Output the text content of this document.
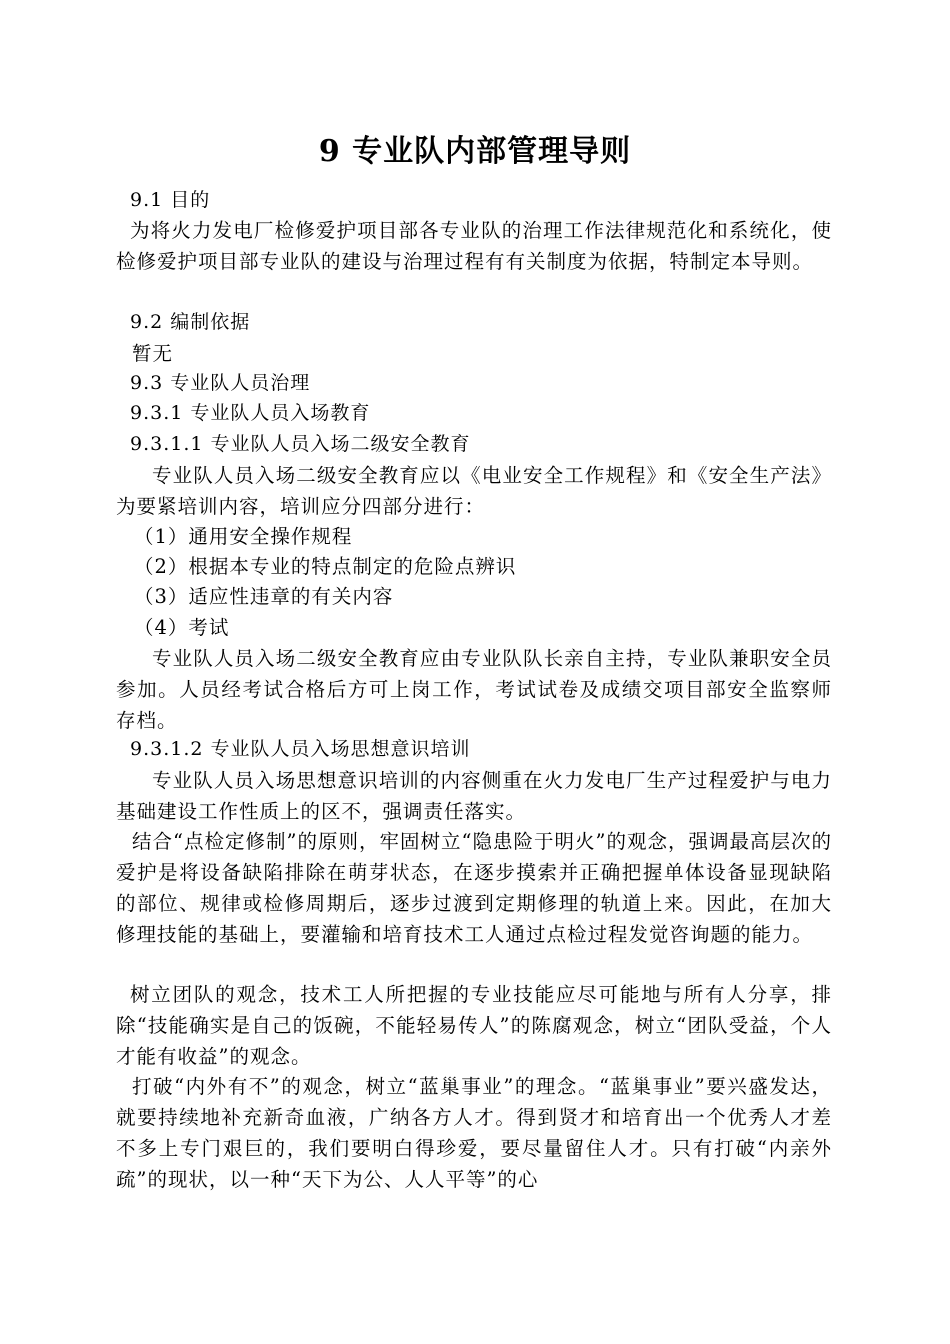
9 专业队内部管理导则
9.1 目的
为将火力发电厂检修爱护项目部各专业队的治理工作法律规范化和系统化，使检修爱护项目部专业队的建设与治理过程有有关制度为依据，特制定本导则。
9.2 编制依据
暂无
9.3 专业队人员治理
9.3.1 专业队人员入场教育
9.3.1.1 专业队人员入场二级安全教育
专业队人员入场二级安全教育应以《电业安全工作规程》和《安全生产法》为要紧培训内容，培训应分四部分进行：
（1）通用安全操作规程
（2）根据本专业的特点制定的危险点辨识
（3）适应性违章的有关内容
（4）考试
专业队人员入场二级安全教育应由专业队队长亲自主持，专业队兼职安全员参加。人员经考试合格后方可上岗工作，考试试卷及成绩交项目部安全监察师存档。
9.3.1.2 专业队人员入场思想意识培训
专业队人员入场思想意识培训的内容侧重在火力发电厂生产过程爱护与电力基础建设工作性质上的区不，强调责任落实。
结合“点检定修制”的原则，牢固树立“隐患险于明火”的观念，强调最高层次的爱护是将设备缺陷排除在萌芽状态，在逐步摸索并正确把握单体设备显现缺陷的部位、规律或检修周期后，逐步过渡到定期修理的轨道上来。因此，在加大修理技能的基础上，要灌输和培育技术工人通过点检过程发觉咨询题的能力。
树立团队的观念，技术工人所把握的专业技能应尽可能地与所有人分享，排除“技能确实是自己的饭碗，不能轻易传人”的陈腐观念，树立“团队受益，个人才能有收益”的观念。
打破“内外有不”的观念，树立“蓝巢事业”的理念。“蓝巢事业”要兴盛发达，就要持续地补充新奇血液，广纳各方人才。得到贤才和培育出一个优秀人才差不多上专门艰巨的，我们要明白得珍爱，要尽量留住人才。只有打破“内亲外疏”的现状，以一种“天下为公、人人平等”的心
